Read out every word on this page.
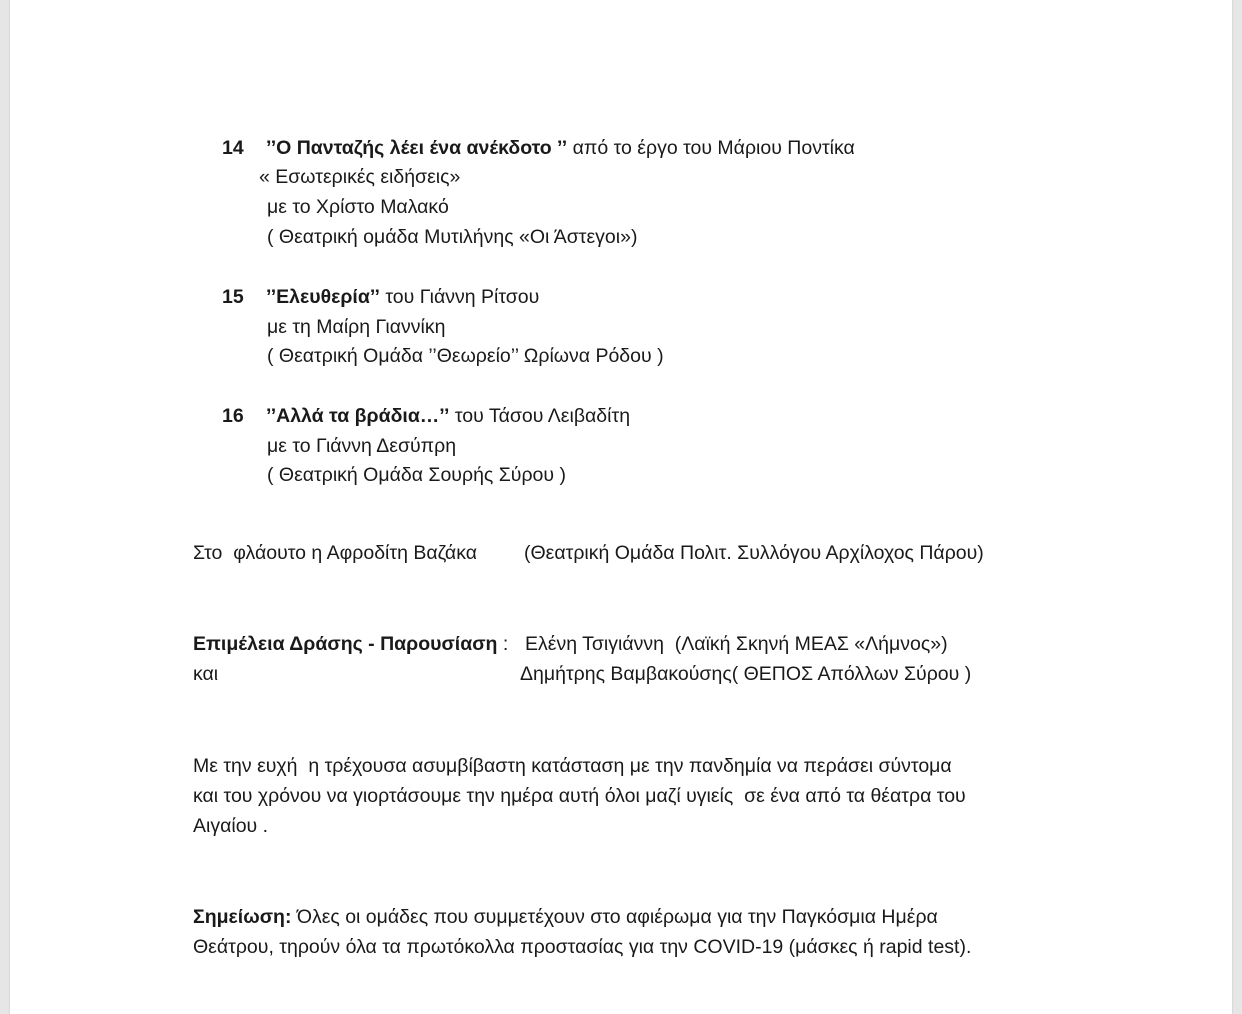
14 ’’Ο Πανταζής λέει ένα ανέκδοτο ’’ από το έργο του Μάριου Ποντίκα
« Εσωτερικές ειδήσεις»
με το Χρίστο Μαλακό
( Θεατρική ομάδα Μυτιλήνης «Οι Άστεγοι»)
15 ’’Ελευθερία’’ του Γιάννη Ρίτσου
με τη Μαίρη Γιαννίκη
( Θεατρική Ομάδα ’’Θεωρείο’’ Ωρίωνα Ρόδου )
16 ’’Αλλά τα βράδια…’’ του Τάσου Λειβαδίτη
με το Γιάννη Δεσύπρη
( Θεατρική Ομάδα Σουρής Σύρου )
Στο  φλάουτο η Αφροδίτη Βαζάκα (Θεατρική Ομάδα Πολιτ. Συλλόγου Αρχίλοχος Πάρου)
Επιμέλεια Δράσης - Παρουσίαση : Ελένη Τσιγιάννη  (Λαϊκή Σκηνή ΜΕΑΣ «Λήμνος»)
και	Δημήτρης Βαμβακούσης( ΘΕΠΟΣ Απόλλων Σύρου )
Με την ευχή  η τρέχουσα ασυμβίβαστη κατάσταση με την πανδημία να περάσει σύντομα
και του χρόνου να γιορτάσουμε την ημέρα αυτή όλοι μαζί υγιείς  σε ένα από τα θέατρα του
Αιγαίου .
Σημείωση: Όλες οι ομάδες που συμμετέχουν στο αφιέρωμα για την Παγκόσμια Ημέρα
Θεάτρου, τηρούν όλα τα πρωτόκολλα προστασίας για την COVID-19 (μάσκες ή rapid test).
